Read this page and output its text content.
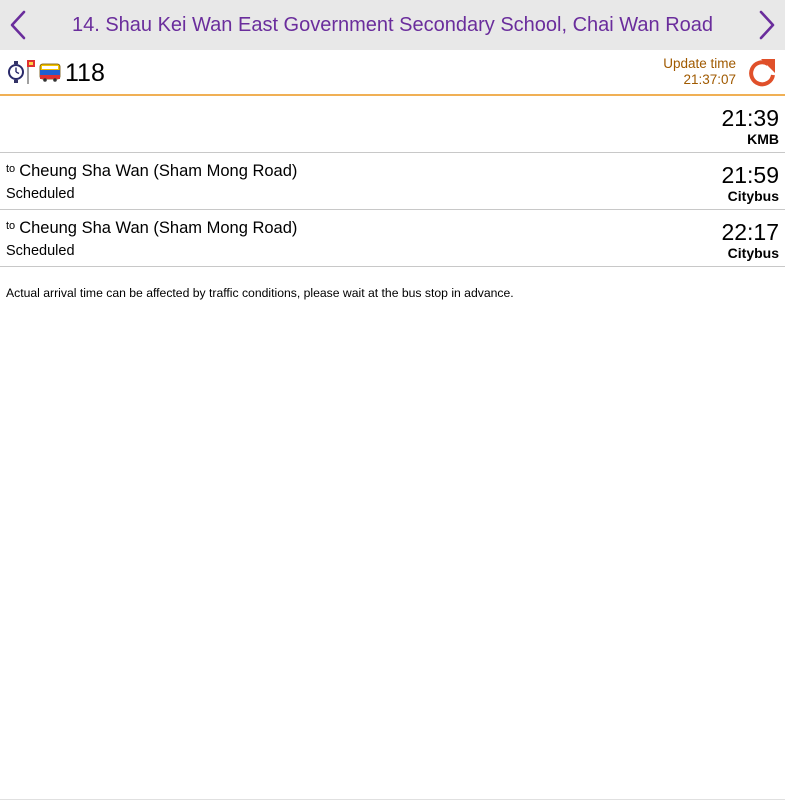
14. Shau Kei Wan East Government Secondary School, Chai Wan Road
118	Update time
21:37:07
21:39
KMB
$^{to}$ Cheung Sha Wan (Sham Mong Road)
Scheduled
21:59
Citybus
$^{to}$ Cheung Sha Wan (Sham Mong Road)
Scheduled
22:17
Citybus
Actual arrival time can be affected by traffic conditions, please wait at the bus stop in advance.
